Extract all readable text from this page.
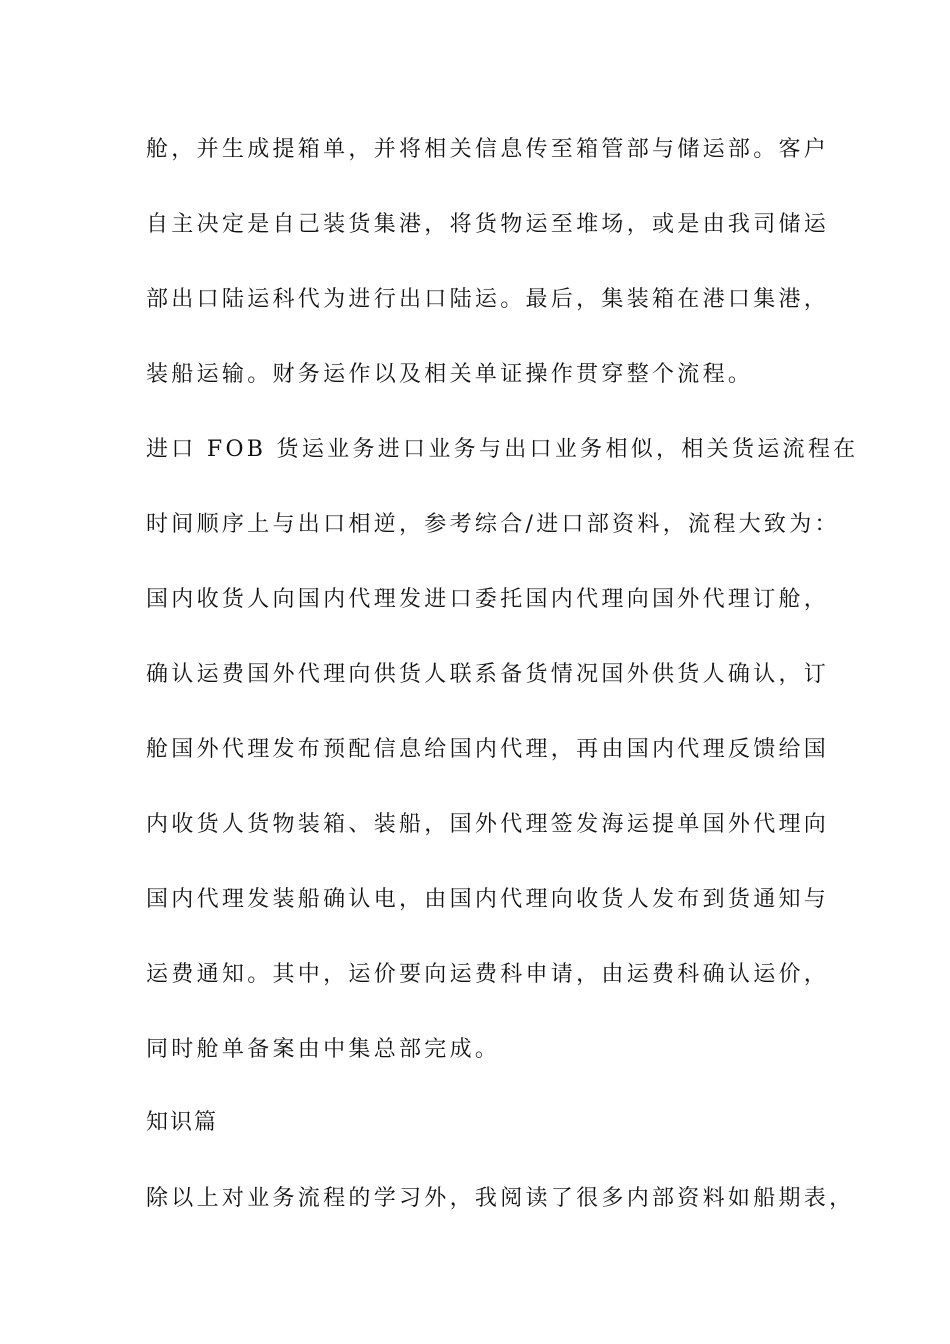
舱，并生成提箱单，并将相关信息传至箱管部与储运部。客户
自主决定是自己装货集港，将货物运至堆场，或是由我司储运
部出口陆运科代为进行出口陆运。最后，集装箱在港口集港，
装船运输。财务运作以及相关单证操作贯穿整个流程。
进口 FOB 货运业务进口业务与出口业务相似，相关货运流程在
时间顺序上与出口相逆，参考综合/进口部资料，流程大致为：
国内收货人向国内代理发进口委托国内代理向国外代理订舱，
确认运费国外代理向供货人联系备货情况国外供货人确认，订
舱国外代理发布预配信息给国内代理，再由国内代理反馈给国
内收货人货物装箱、装船，国外代理签发海运提单国外代理向
国内代理发装船确认电，由国内代理向收货人发布到货通知与
运费通知。其中，运价要向运费科申请，由运费科确认运价，
同时舱单备案由中集总部完成。
知识篇
除以上对业务流程的学习外，我阅读了很多内部资料如船期表，
